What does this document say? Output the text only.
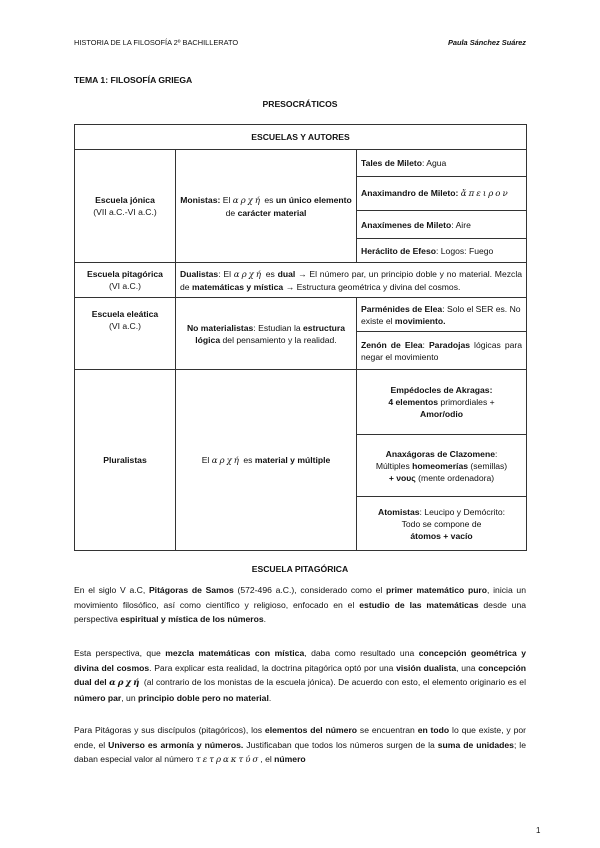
HISTORIA DE LA FILOSOFÍA 2º BACHILLERATO	Paula Sánchez Suárez
TEMA 1: FILOSOFÍA GRIEGA
PRESOCRÁTICOS
ESCUELAS Y AUTORES		
Escuela jónica
(VII a.C.-VI a.C.)	Monistas: El αρχή es un único elemento de carácter material	Tales de Mileto: Agua
		Anaximandro de Mileto: ἄπειρον
		Anaxímenes de Mileto: Aire
		Heráclito de Efeso: Logos: Fuego
Escuela pitagórica
(VI a.C.)	Dualistas: El αρχή es dual → El número par, un principio doble y no material. Mezcla de matemáticas y mística → Estructura geométrica y divina del cosmos.	
Escuela eleática
(VI a.C.)	No materialistas: Estudian la estructura lógica del pensamiento y la realidad.	Parménides de Elea: Solo el SER es. No existe el movimiento.
		Zenón de Elea: Paradojas lógicas para negar el movimiento
Pluralistas	El αρχή es material y múltiple	Empédocles de Akragas:
4 elementos primordiales +
Amor/odio
		Anaxágoras de Clazomene:
Múltiples homeomerías (semillas)
+ νους (mente ordenadora)
		Atomistas: Leucipo y Demócrito:
Todo se compone de
átomos + vacío
ESCUELA PITAGÓRICA

En el siglo V a.C, Pitágoras de Samos (572-496 a.C.), considerado como el primer matemático puro, inicia un movimiento filosófico, así como científico y religioso, enfocado en el estudio de las matemáticas desde una perspectiva espiritual y mística de los números.

Esta perspectiva, que mezcla matemáticas con mística, daba como resultado una concepción geométrica y divina del cosmos. Para explicar esta realidad, la doctrina pitagórica optó por una visión dualista, una concepción dual del αρχή (al contrario de los monistas de la escuela jónica). De acuerdo con esto, el elemento originario es el número par, un principio doble pero no material.

Para Pitágoras y sus discípulos (pitagóricos), los elementos del número se encuentran en todo lo que existe, y por ende, el Universo es armonía y números. Justificaban que todos los números surgen de la suma de unidades; le daban especial valor al número τετρακτύσ, el número

1
